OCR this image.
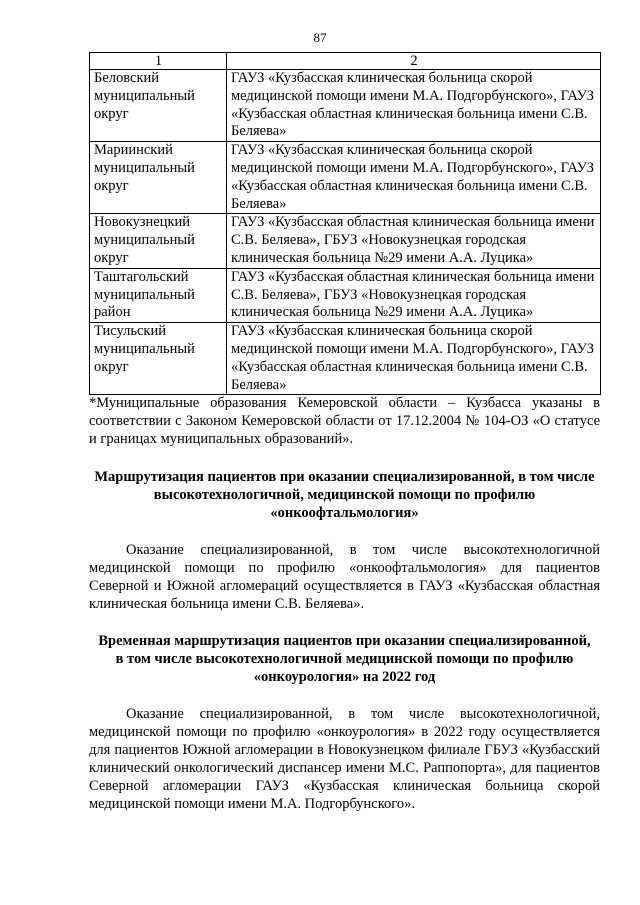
87
1	2
Беловский муниципальный округ	ГАУЗ «Кузбасская клиническая больница скорой медицинской помощи имени М.А. Подгорбунского», ГАУЗ «Кузбасская областная клиническая больница имени С.В. Беляева»
Мариинский муниципальный округ	ГАУЗ «Кузбасская клиническая больница скорой медицинской помощи имени М.А. Подгорбунского», ГАУЗ «Кузбасская областная клиническая больница имени С.В. Беляева»
Новокузнецкий муниципальный округ	ГАУЗ «Кузбасская областная клиническая больница имени С.В. Беляева», ГБУЗ «Новокузнецкая городская клиническая больница №29 имени А.А. Луцика»
Таштагольский муниципальный район	ГАУЗ «Кузбасская областная клиническая больница имени С.В. Беляева», ГБУЗ «Новокузнецкая городская клиническая больница №29 имени А.А. Луцика»
Тисульский муниципальный округ	ГАУЗ «Кузбасская клиническая больница скорой медицинской помощи имени М.А. Подгорбунского», ГАУЗ «Кузбасская областная клиническая больница имени С.В. Беляева»

*Муниципальные образования Кемеровской области – Кузбасса указаны в соответствии с Законом Кемеровской области от 17.12.2004 № 104-ОЗ «О статусе и границах муниципальных образований».

Маршрутизация пациентов при оказании специализированной, в том числе
высокотехнологичной, медицинской помощи по профилю
«онкоофтальмология»

Оказание специализированной, в том числе высокотехнологичной медицинской помощи по профилю «онкоофтальмология» для пациентов Северной и Южной агломераций осуществляется в ГАУЗ «Кузбасская областная клиническая больница имени С.В. Беляева».

Временная маршрутизация пациентов при оказании специализированной,
в том числе высокотехнологичной медицинской помощи по профилю
«онкоурология» на 2022 год

Оказание специализированной, в том числе высокотехнологичной, медицинской помощи по профилю «онкоурология» в 2022 году осуществляется для пациентов Южной агломерации в Новокузнецком филиале ГБУЗ «Кузбасский клинический онкологический диспансер имени М.С. Раппопорта», для пациентов Северной агломерации ГАУЗ «Кузбасская клиническая больница скорой медицинской помощи имени М.А. Подгорбунского».
